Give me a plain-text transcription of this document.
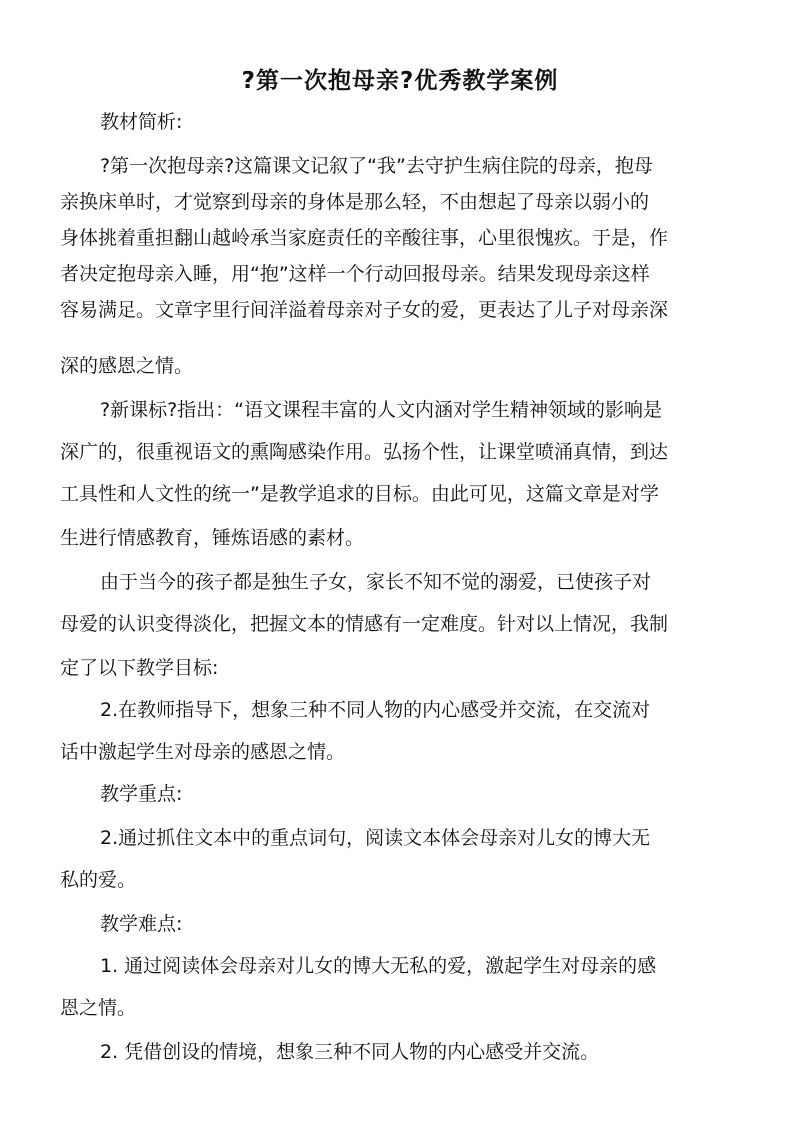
?第一次抱母亲?优秀教学案例
教材简析:
?第一次抱母亲?这篇课文记叙了“我”去守护生病住院的母亲，抱母
亲换床单时，才觉察到母亲的身体是那么轻，不由想起了母亲以弱小的
身体挑着重担翻山越岭承当家庭责任的辛酸往事，心里很愧疚。于是，作
者决定抱母亲入睡，用“抱”这样一个行动回报母亲。结果发现母亲这样
容易满足。文章字里行间洋溢着母亲对子女的爱，更表达了儿子对母亲深
深的感恩之情。
?新课标?指出：“语文课程丰富的人文内涵对学生精神领域的影响是
深广的，很重视语文的熏陶感染作用。弘扬个性，让课堂喷涌真情，到达
工具性和人文性的统一”是教学追求的目标。由此可见，这篇文章是对学
生进行情感教育，锤炼语感的素材。
由于当今的孩子都是独生子女，家长不知不觉的溺爱，已使孩子对
母爱的认识变得淡化，把握文本的情感有一定难度。针对以上情况，我制
定了以下教学目标:
2.在教师指导下，想象三种不同人物的内心感受并交流，在交流对
话中激起学生对母亲的感恩之情。
教学重点:
2.通过抓住文本中的重点词句，阅读文本体会母亲对儿女的博大无
私的爱。
教学难点:
1. 通过阅读体会母亲对儿女的博大无私的爱，激起学生对母亲的感
恩之情。
2. 凭借创设的情境，想象三种不同人物的内心感受并交流。
